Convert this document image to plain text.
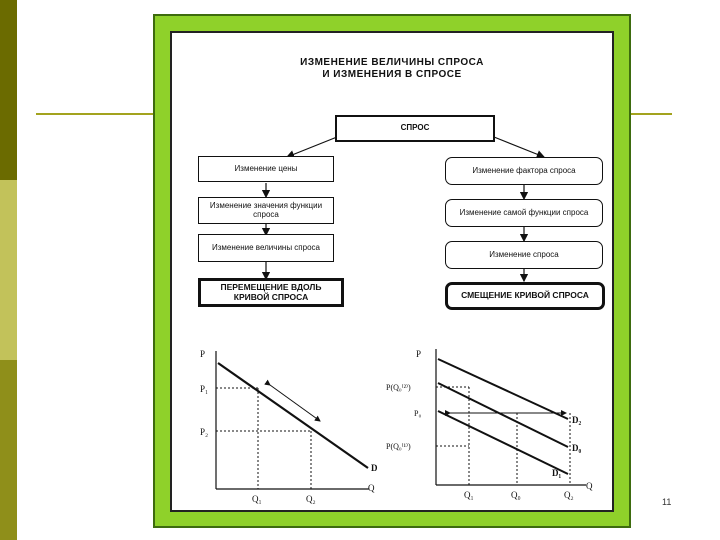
ИЗМЕНЕНИЕ ВЕЛИЧИНЫ СПРОСА
И ИЗМЕНЕНИЯ В СПРОСЕ
СПРОС
Изменение цены
Изменение значения функции спроса
Изменение величины спроса
ПЕРЕМЕЩЕНИЕ ВДОЛЬ КРИВОЙ СПРОСА
Изменение фактора спроса
Изменение самой функции спроса
Изменение спроса
СМЕЩЕНИЕ КРИВОЙ СПРОСА
P
P₁
P₂
Q₁	Q₂
Q
D
P
P(Q₀⁽²⁾)
P₀
P(Q₀⁽¹⁾)
Q₁	Q₀	Q₂
Q
D₂
D₀
D₁
11
